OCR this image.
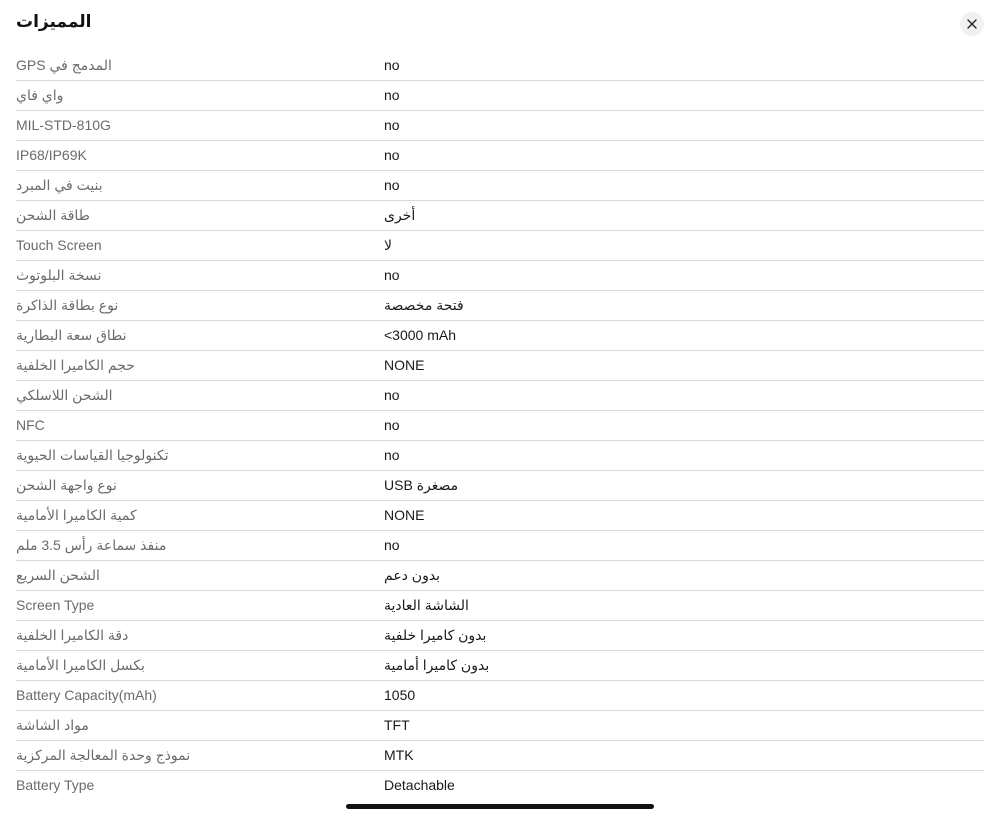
المميزات
المدمج في GPS	no
واي فاي	no
MIL-STD-810G	no
IP68/IP69K	no
بنيت في المبرد	no
طاقة الشحن	أخرى
Touch Screen	لا
نسخة البلوتوث	no
نوع بطاقة الذاكرة	فتحة مخصصة
نطاق سعة البطارية	<3000 mAh
حجم الكاميرا الخلفية	NONE
الشحن اللاسلكي	no
NFC	no
تكنولوجيا القياسات الحيوية	no
نوع واجهة الشحن	USB مصغرة
كمية الكاميرا الأمامية	NONE
منفذ سماعة رأس 3.5 ملم	no
الشحن السريع	بدون دعم
Screen Type	الشاشة العادية
دقة الكاميرا الخلفية	بدون كاميرا خلفية
بكسل الكاميرا الأمامية	بدون كاميرا أمامية
Battery Capacity(mAh)	1050
مواد الشاشة	TFT
نموذج وحدة المعالجة المركزية	MTK
Battery Type	Detachable
